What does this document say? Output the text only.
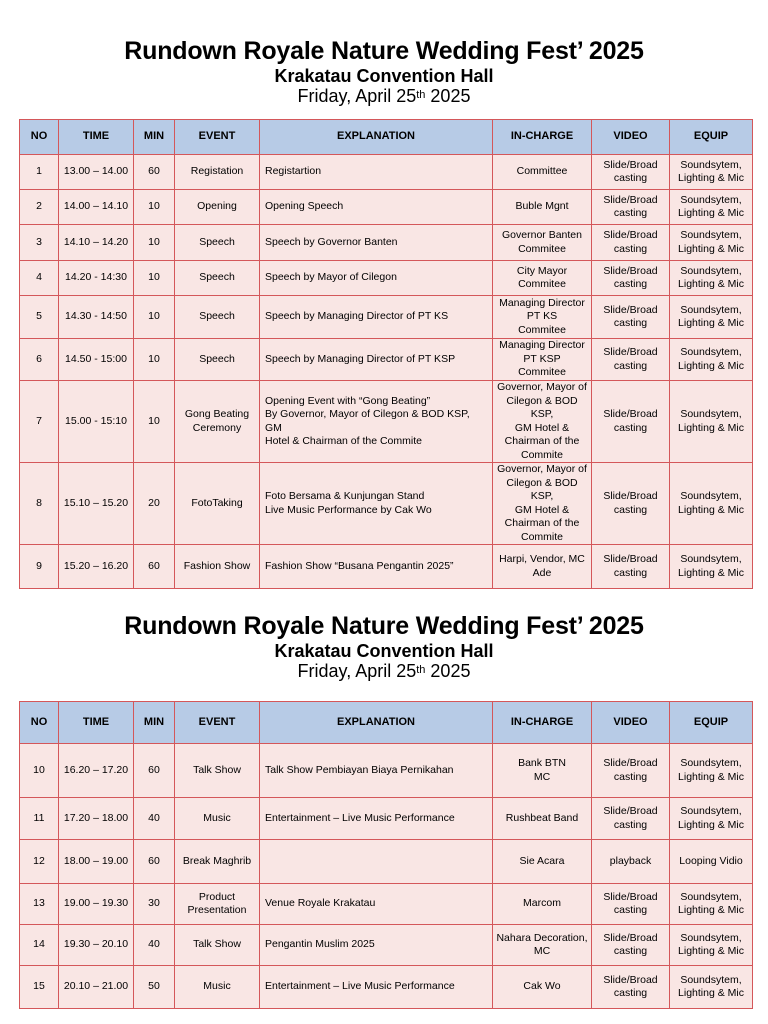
Rundown Royale Nature Wedding Fest’ 2025
Krakatau Convention Hall
Friday, April 25th 2025
NO	TIME	MIN	EVENT	EXPLANATION	IN-CHARGE	VIDEO	EQUIP
1	13.00 – 14.00	60	Registation	Registartion	Committee	Slide/Broad
casting	Soundsytem,
Lighting & Mic
2	14.00 – 14.10	10	Opening	Opening Speech	Buble Mgnt	Slide/Broad
casting	Soundsytem,
Lighting & Mic
3	14.10 – 14.20	10	Speech	Speech by Governor Banten	Governor Banten
Commitee	Slide/Broad
casting	Soundsytem,
Lighting & Mic
4	14.20 - 14:30	10	Speech	Speech by Mayor of Cilegon	City Mayor
Commitee	Slide/Broad
casting	Soundsytem,
Lighting & Mic
5	14.30 - 14:50	10	Speech	Speech by Managing Director of PT KS	Managing Director
PT KS
Commitee	Slide/Broad
casting	Soundsytem,
Lighting & Mic
6	14.50 - 15:00	10	Speech	Speech by Managing Director of PT KSP	Managing Director
PT KSP
Commitee	Slide/Broad
casting	Soundsytem,
Lighting & Mic
7	15.00 - 15:10	10	Gong Beating
Ceremony	Opening Event with “Gong Beating”
By Governor, Mayor of Cilegon & BOD KSP, GM
Hotel & Chairman of the Commite	Governor, Mayor of
Cilegon & BOD KSP,
GM Hotel &
Chairman of the
Commite	Slide/Broad
casting	Soundsytem,
Lighting & Mic
8	15.10 – 15.20	20	FotoTaking	Foto Bersama & Kunjungan Stand
Live Music Performance by Cak Wo	Governor, Mayor of
Cilegon & BOD KSP,
GM Hotel &
Chairman of the
Commite	Slide/Broad
casting	Soundsytem,
Lighting & Mic
9	15.20 – 16.20	60	Fashion Show	Fashion Show “Busana Pengantin 2025”	Harpi, Vendor, MC
Ade	Slide/Broad
casting	Soundsytem,
Lighting & Mic
Rundown Royale Nature Wedding Fest’ 2025
Krakatau Convention Hall
Friday, April 25th 2025
NO	TIME	MIN	EVENT	EXPLANATION	IN-CHARGE	VIDEO	EQUIP
10	16.20 – 17.20	60	Talk Show	Talk Show Pembiayan Biaya Pernikahan	Bank BTN
MC	Slide/Broad
casting	Soundsytem,
Lighting & Mic
11	17.20 – 18.00	40	Music	Entertainment – Live Music Performance	Rushbeat Band	Slide/Broad
casting	Soundsytem,
Lighting & Mic
12	18.00 – 19.00	60	Break Maghrib		Sie Acara	playback	Looping Vidio
13	19.00 – 19.30	30	Product
Presentation	Venue Royale Krakatau	Marcom	Slide/Broad
casting	Soundsytem,
Lighting & Mic
14	19.30 – 20.10	40	Talk Show	Pengantin Muslim 2025	Nahara Decoration,
MC	Slide/Broad
casting	Soundsytem,
Lighting & Mic
15	20.10 – 21.00	50	Music	Entertainment – Live Music Performance	Cak Wo	Slide/Broad
casting	Soundsytem,
Lighting & Mic
